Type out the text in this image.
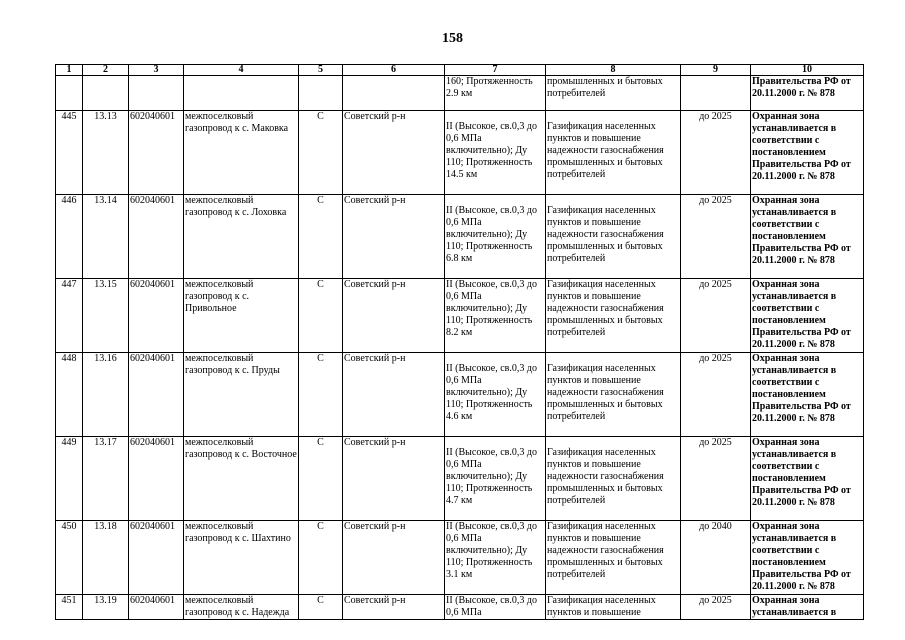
158
1	2	3	4	5	6	7	8	9	10
						160; Протяженность 2.9 км	промышленных и бытовых потребителей		Правительства РФ от 20.11.2000 г. № 878
445	13.13	602040601	межпоселковый газопровод к с. Маковка	С	Советский р-н	II (Высокое, св.0,3 до 0,6 МПа включительно); Ду 110; Протяженность 14.5 км	Газификация населенных пунктов и повышение надежности газоснабжения промышленных и бытовых потребителей	до 2025	Охранная зона устанавливается в соответствии с постановлением Правительства РФ от 20.11.2000 г. № 878
446	13.14	602040601	межпоселковый газопровод к с. Лоховка	С	Советский р-н	II (Высокое, св.0,3 до 0,6 МПа включительно); Ду 110; Протяженность 6.8 км	Газификация населенных пунктов и повышение надежности газоснабжения промышленных и бытовых потребителей	до 2025	Охранная зона устанавливается в соответствии с постановлением Правительства РФ от 20.11.2000 г. № 878
447	13.15	602040601	межпоселковый газопровод к с. Привольное	С	Советский р-н	II (Высокое, св.0,3 до 0,6 МПа включительно); Ду 110; Протяженность 8.2 км	Газификация населенных пунктов и повышение надежности газоснабжения промышленных и бытовых потребителей	до 2025	Охранная зона устанавливается в соответствии с постановлением Правительства РФ от 20.11.2000 г. № 878
448	13.16	602040601	межпоселковый газопровод к с. Пруды	С	Советский р-н	II (Высокое, св.0,3 до 0,6 МПа включительно); Ду 110; Протяженность 4.6 км	Газификация населенных пунктов и повышение надежности газоснабжения промышленных и бытовых потребителей	до 2025	Охранная зона устанавливается в соответствии с постановлением Правительства РФ от 20.11.2000 г. № 878
449	13.17	602040601	межпоселковый газопровод к с. Восточное	С	Советский р-н	II (Высокое, св.0,3 до 0,6 МПа включительно); Ду 110; Протяженность 4.7 км	Газификация населенных пунктов и повышение надежности газоснабжения промышленных и бытовых потребителей	до 2025	Охранная зона устанавливается в соответствии с постановлением Правительства РФ от 20.11.2000 г. № 878
450	13.18	602040601	межпоселковый газопровод к с. Шахтино	С	Советский р-н	II (Высокое, св.0,3 до 0,6 МПа включительно); Ду 110; Протяженность 3.1 км	Газификация населенных пунктов и повышение надежности газоснабжения промышленных и бытовых потребителей	до 2040	Охранная зона устанавливается в соответствии с постановлением Правительства РФ от 20.11.2000 г. № 878
451	13.19	602040601	межпоселковый газопровод к с. Надежда	С	Советский р-н	II (Высокое, св.0,3 до 0,6 МПа	Газификация населенных пунктов и повышение	до 2025	Охранная зона устанавливается в
